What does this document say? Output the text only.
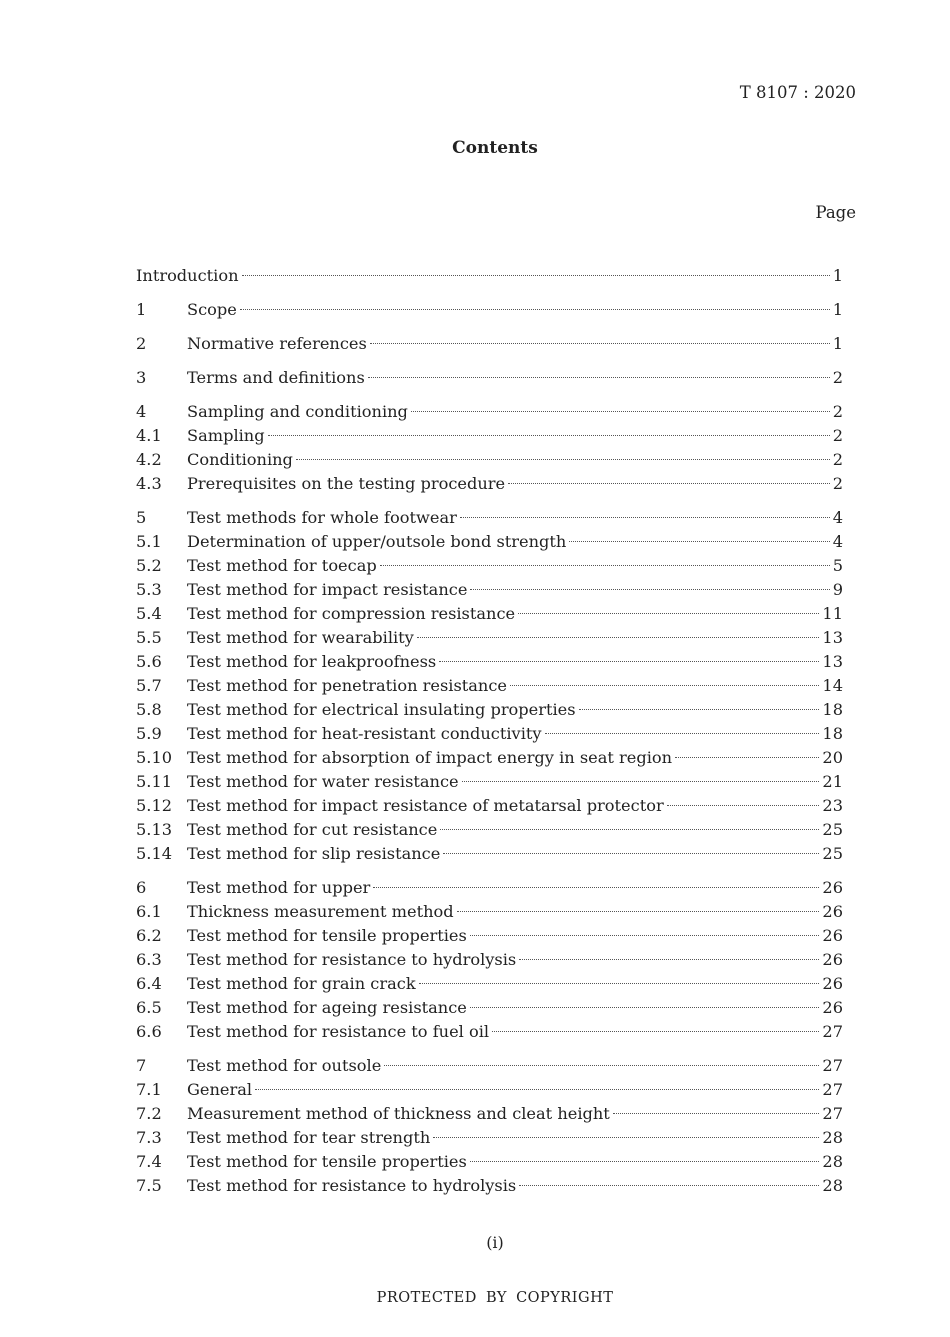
T 8107 : 2020
Contents
Page
Introduction	1
1	Scope	1
2	Normative references	1
3	Terms and definitions	2
4	Sampling and conditioning	2
4.1	Sampling	2
4.2	Conditioning	2
4.3	Prerequisites on the testing procedure	2
5	Test methods for whole footwear	4
5.1	Determination of upper/outsole bond strength	4
5.2	Test method for toecap	5
5.3	Test method for impact resistance	9
5.4	Test method for compression resistance	11
5.5	Test method for wearability	13
5.6	Test method for leakproofness	13
5.7	Test method for penetration resistance	14
5.8	Test method for electrical insulating properties	18
5.9	Test method for heat-resistant conductivity	18
5.10 Test method for absorption of impact energy in seat region	20
5.11 Test method for water resistance	21
5.12 Test method for impact resistance of metatarsal protector	23
5.13 Test method for cut resistance	25
5.14 Test method for slip resistance	25
6	Test method for upper	26
6.1	Thickness measurement method	26
6.2	Test method for tensile properties	26
6.3	Test method for resistance to hydrolysis	26
6.4	Test method for grain crack	26
6.5	Test method for ageing resistance	26
6.6	Test method for resistance to fuel oil	27
7	Test method for outsole	27
7.1	General	27
7.2	Measurement method of thickness and cleat height	27
7.3	Test method for tear strength	28
7.4	Test method for tensile properties	28
7.5	Test method for resistance to hydrolysis	28
(i)
PROTECTED BY COPYRIGHT
